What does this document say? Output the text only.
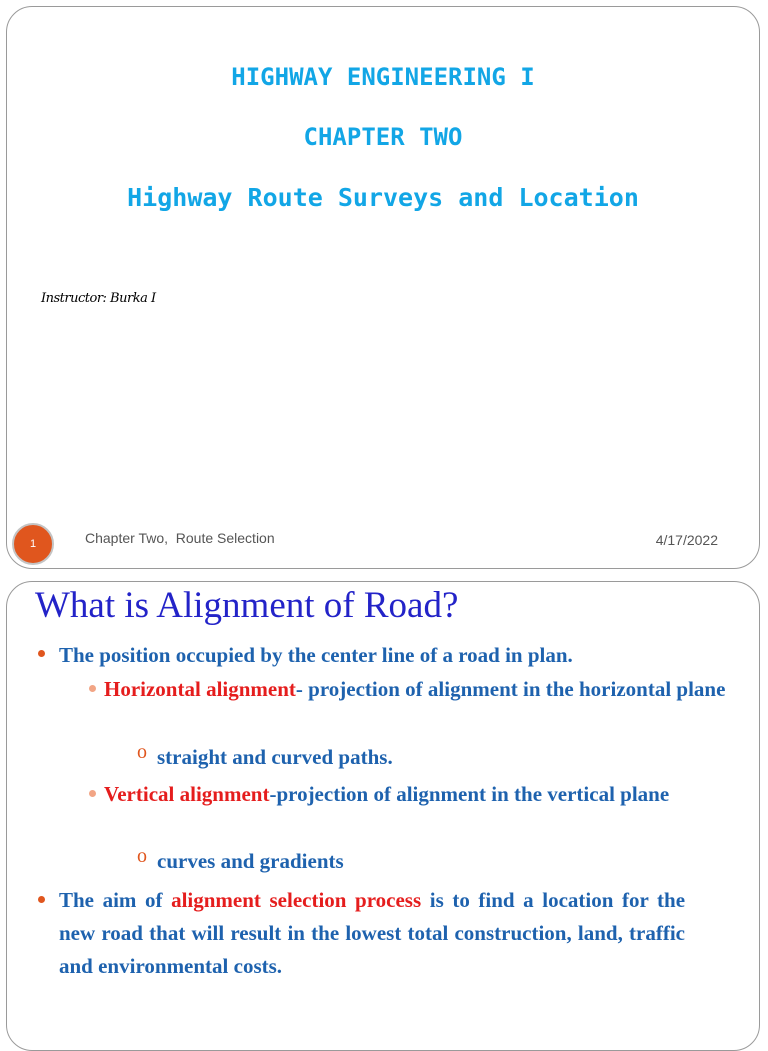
HIGHWAY ENGINEERING I
CHAPTER TWO
Highway Route Surveys and Location
Instructor: Burka I
1	Chapter Two,  Route Selection	4/17/2022
What is Alignment of Road?

The position occupied by the center line of a road in plan.

Horizontal alignment- projection of alignment in the horizontal plane

o straight and curved paths.

Vertical alignment-projection of alignment in the vertical plane

o curves and gradients

The aim of alignment selection process is to find a location for the new road that will result in the lowest total construction, land, traffic and environmental costs.
